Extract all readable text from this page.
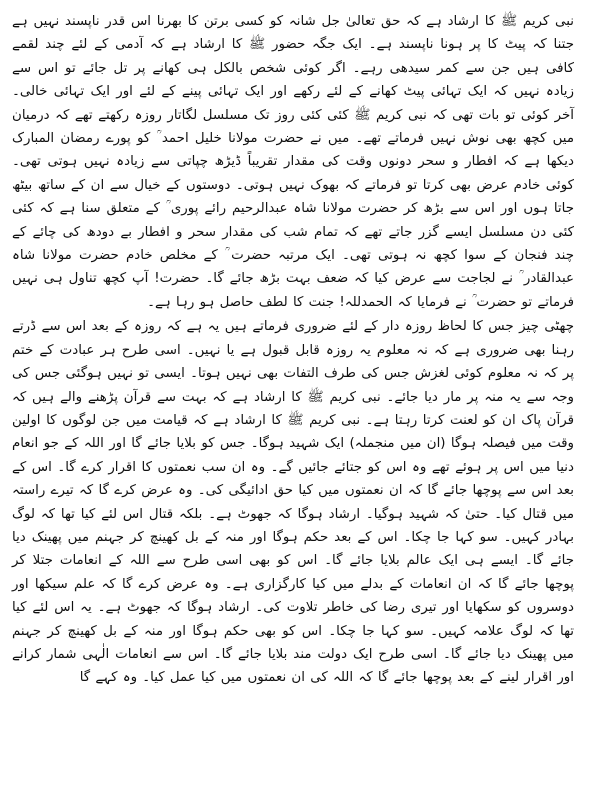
نبی کریم ﷺ کا ارشاد ہے کہ حق تعالیٰ جل شانہ کو کسی برتن کا بھرنا اس قدر ناپسند نہیں ہے جتنا کہ پیٹ کا پر ہونا ناپسند ہے۔ ایک جگہ حضور ﷺ کا ارشاد ہے کہ آدمی کے لئے چند لقمے کافی ہیں جن سے کمر سیدھی رہے۔ اگر کوئی شخص بالکل ہی کھانے پر تل جائے تو اس سے زیادہ نہیں کہ ایک تہائی پیٹ کھانے کے لئے رکھے اور ایک تہائی پینے کے لئے اور ایک تہائی خالی۔ آخر کوئی تو بات تھی کہ نبی کریم ﷺ کئی کئی روز تک مسلسل لگاتار روزہ رکھتے تھے کہ درمیان میں کچھ بھی نوش نہیں فرماتے تھے۔ میں نے حضرت مولانا خلیل احمد ؒ کو پورے رمضان المبارک دیکھا ہے کہ افطار و سحر دونوں وقت کی مقدار تقریباً ڈیڑھ چپاتی سے زیادہ نہیں ہوتی تھی۔ کوئی خادم عرض بھی کرتا تو فرماتے کہ بھوک نہیں ہوتی۔ دوستوں کے خیال سے ان کے ساتھ بیٹھ جاتا ہوں اور اس سے بڑھ کر حضرت مولانا شاہ عبدالرحیم رائے پوری ؒ کے متعلق سنا ہے کہ کئی کئی دن مسلسل ایسے گزر جاتے تھے کہ تمام شب کی مقدار سحر و افطار بے دودھ کی چائے کے چند فنجان کے سوا کچھ نہ ہوتی تھی۔ ایک مرتبہ حضرت ؒ کے مخلص خادم حضرت مولانا شاہ عبدالقادر ؒ نے لجاجت سے عرض کیا کہ ضعف بہت بڑھ جائے گا۔ حضرت! آپ کچھ تناول ہی نہیں فرماتے تو حضرت ؒ نے فرمایا کہ الحمدللہ! جنت کا لطف حاصل ہو رہا ہے۔

چھٹی چیز جس کا لحاظ روزہ دار کے لئے ضروری فرماتے ہیں یہ ہے کہ روزہ کے بعد اس سے ڈرتے رہنا بھی ضروری ہے کہ نہ معلوم یہ روزہ قابل قبول ہے یا نہیں۔ اسی طرح ہر عبادت کے ختم پر کہ نہ معلوم کوئی لغزش جس کی طرف التفات بھی نہیں ہوتا۔ ایسی تو نہیں ہوگئی جس کی وجہ سے یہ منہ پر مار دیا جائے۔ نبی کریم ﷺ کا ارشاد ہے کہ بہت سے قرآن پڑھنے والے ہیں کہ قرآن پاک ان کو لعنت کرتا رہتا ہے۔ نبی کریم ﷺ کا ارشاد ہے کہ قیامت میں جن لوگوں کا اولین وقت میں فیصلہ ہوگا (ان میں منجملہ) ایک شہید ہوگا۔ جس کو بلایا جائے گا اور اللہ کے جو انعام دنیا میں اس پر ہوئے تھے وہ اس کو جتائے جائیں گے۔ وہ ان سب نعمتوں کا اقرار کرے گا۔ اس کے بعد اس سے پوچھا جائے گا کہ ان نعمتوں میں کیا حق ادائیگی کی۔ وہ عرض کرے گا کہ تیرے راستہ میں قتال کیا۔ حتیٰ کہ شہید ہوگیا۔ ارشاد ہوگا کہ جھوٹ ہے۔ بلکہ قتال اس لئے کیا تھا کہ لوگ بہادر کہیں۔ سو کہا جا چکا۔ اس کے بعد حکم ہوگا اور منہ کے بل کھینچ کر جہنم میں پھینک دیا جائے گا۔ ایسے ہی ایک عالم بلایا جائے گا۔ اس کو بھی اسی طرح سے اللہ کے انعامات جتلا کر پوچھا جائے گا کہ ان انعامات کے بدلے میں کیا کارگزاری ہے۔ وہ عرض کرے گا کہ علم سیکھا اور دوسروں کو سکھایا اور تیری رضا کی خاطر تلاوت کی۔ ارشاد ہوگا کہ جھوٹ ہے۔ یہ اس لئے کیا تھا کہ لوگ علامہ کہیں۔ سو کہا جا چکا۔ اس کو بھی حکم ہوگا اور منہ کے بل کھینچ کر جہنم میں پھینک دیا جائے گا۔ اسی طرح ایک دولت مند بلایا جائے گا۔ اس سے انعامات الٰہی شمار کرانے اور اقرار لینے کے بعد پوچھا جائے گا کہ اللہ کی ان نعمتوں میں کیا عمل کیا۔ وہ کہے گا
